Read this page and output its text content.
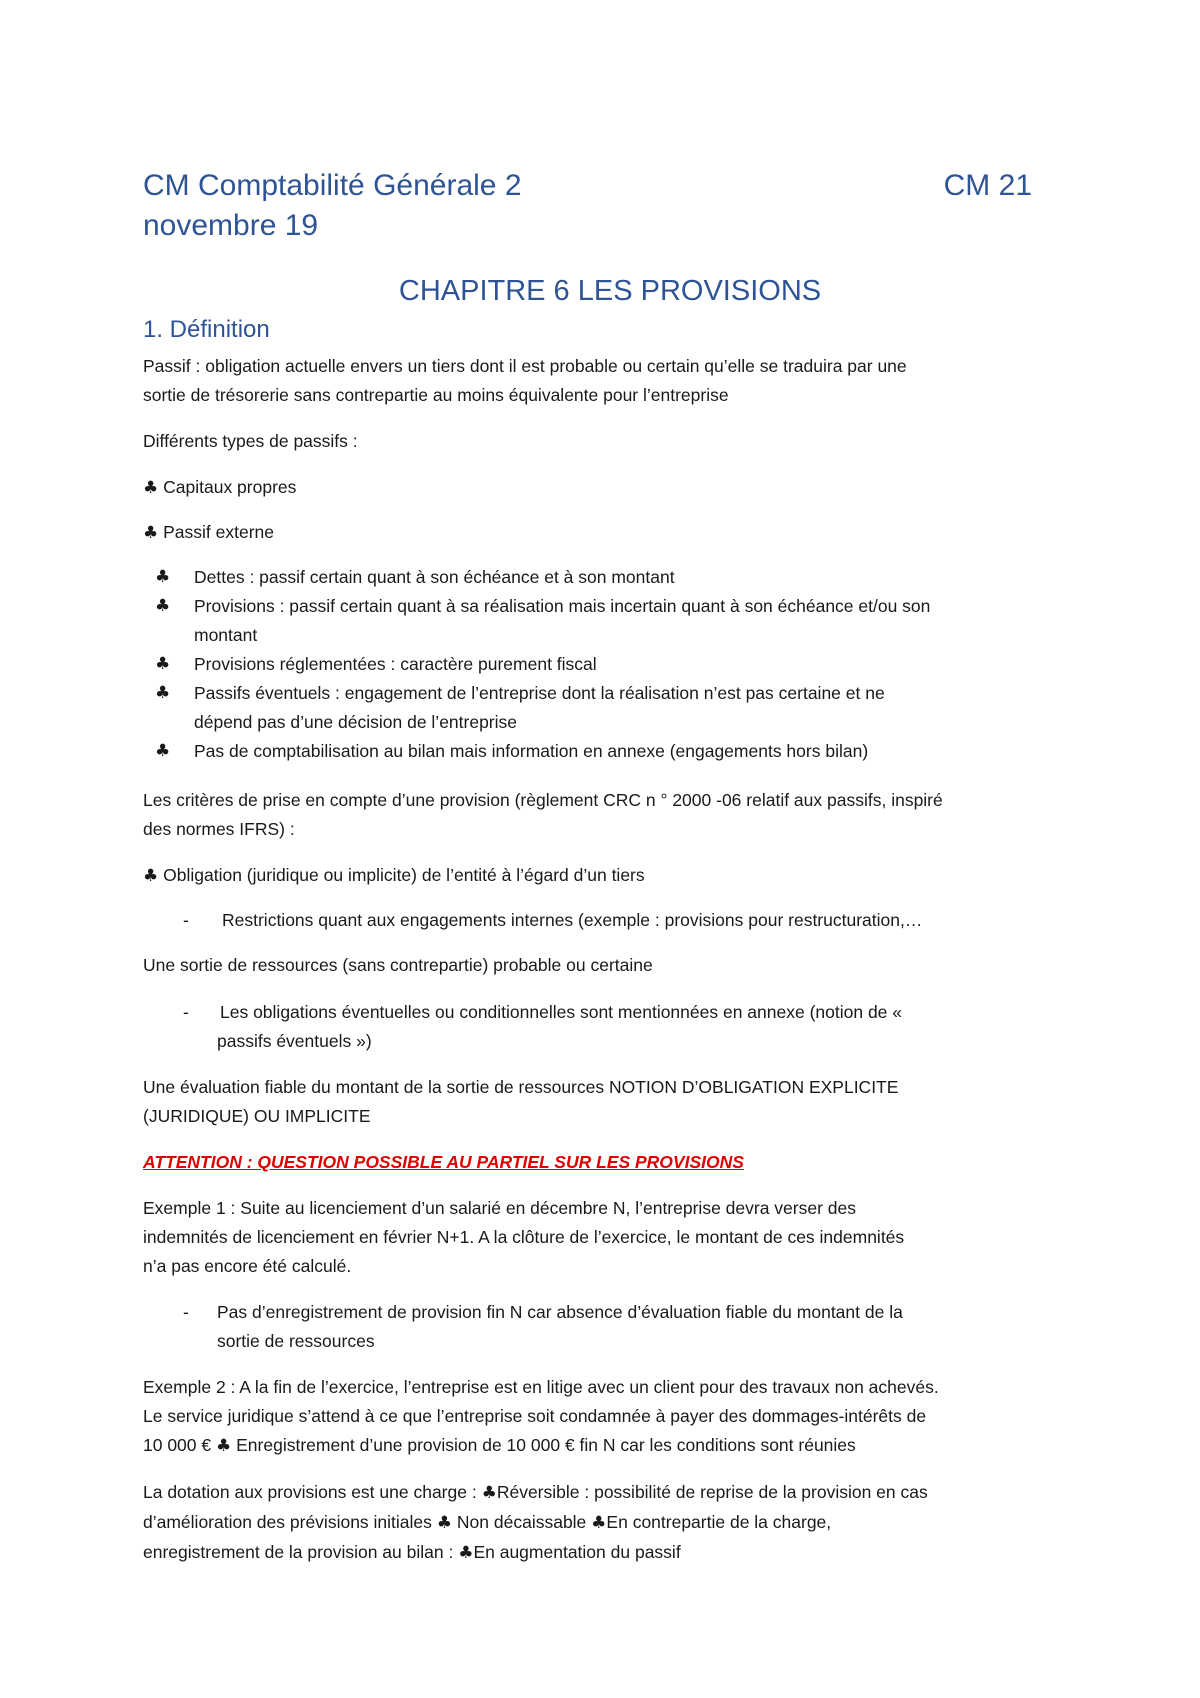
CM Comptabilité Générale 2	CM 21
novembre 19
CHAPITRE 6 LES PROVISIONS
1. Définition
Passif : obligation actuelle envers un tiers dont il est probable ou certain qu’elle se traduira par une
sortie de trésorerie sans contrepartie au moins équivalente pour l’entreprise
Différents types de passifs :
♣ Capitaux propres
♣ Passif externe
♣ Dettes : passif certain quant à son échéance et à son montant
♣ Provisions : passif certain quant à sa réalisation mais incertain quant à son échéance et/ou son
montant
♣ Provisions réglementées : caractère purement fiscal
♣ Passifs éventuels : engagement de l’entreprise dont la réalisation n’est pas certaine et ne
dépend pas d’une décision de l’entreprise
♣ Pas de comptabilisation au bilan mais information en annexe (engagements hors bilan)
Les critères de prise en compte d’une provision (règlement CRC n ° 2000 -06 relatif aux passifs, inspiré
des normes IFRS) :
♣ Obligation (juridique ou implicite) de l’entité à l’égard d’un tiers
- Restrictions quant aux engagements internes (exemple : provisions pour restructuration,…
Une sortie de ressources (sans contrepartie) probable ou certaine
- Les obligations éventuelles ou conditionnelles sont mentionnées en annexe (notion de «
passifs éventuels »)
Une évaluation fiable du montant de la sortie de ressources NOTION D’OBLIGATION EXPLICITE
(JURIDIQUE) OU IMPLICITE
ATTENTION : QUESTION POSSIBLE AU PARTIEL SUR LES PROVISIONS
Exemple 1 : Suite au licenciement d’un salarié en décembre N, l’entreprise devra verser des
indemnités de licenciement en février N+1. A la clôture de l’exercice, le montant de ces indemnités
n’a pas encore été calculé.
- Pas d’enregistrement de provision fin N car absence d’évaluation fiable du montant de la
sortie de ressources
Exemple 2 : A la fin de l’exercice, l’entreprise est en litige avec un client pour des travaux non achevés.
Le service juridique s’attend à ce que l’entreprise soit condamnée à payer des dommages-intérêts de
10 000 € ♣ Enregistrement d’une provision de 10 000 € fin N car les conditions sont réunies
La dotation aux provisions est une charge : ♣Réversible : possibilité de reprise de la provision en cas
d’amélioration des prévisions initiales ♣ Non décaissable ♣En contrepartie de la charge,
enregistrement de la provision au bilan : ♣En augmentation du passif
